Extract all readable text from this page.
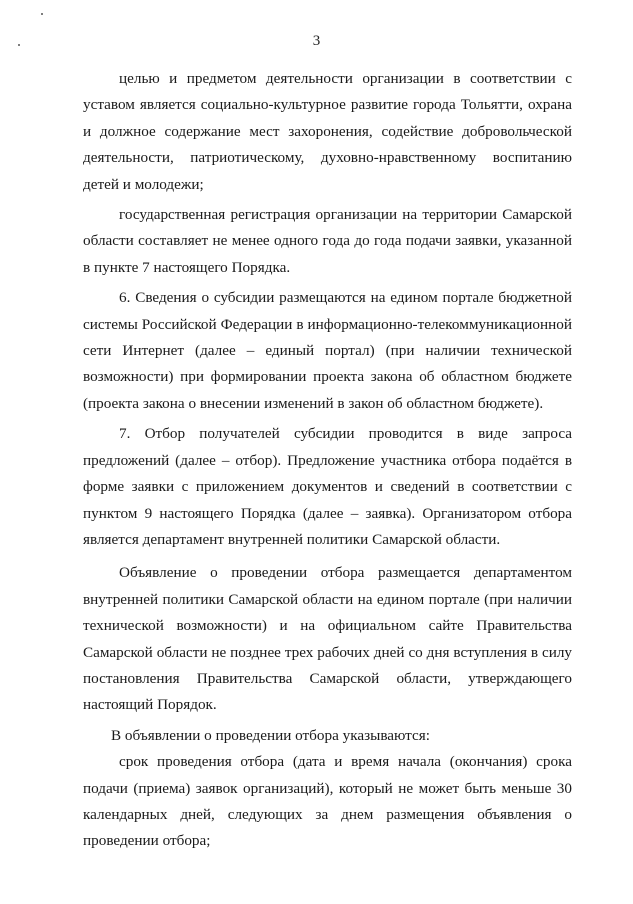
3

целью и предметом деятельности организации в соответствии с уставом является социально-культурное развитие города Тольятти, охрана и должное содержание мест захоронения, содействие добровольческой деятельности, патриотическому, духовно-нравственному воспитанию детей и молодежи;

государственная регистрация организации на территории Самарской области составляет не менее одного года до года подачи заявки, указанной в пункте 7 настоящего Порядка.

6. Сведения о субсидии размещаются на едином портале бюджетной системы Российской Федерации в информационно-телекоммуникационной сети Интернет (далее – единый портал) (при наличии технической возможности) при формировании проекта закона об областном бюджете (проекта закона о внесении изменений в закон об областном бюджете).

7. Отбор получателей субсидии проводится в виде запроса предложений (далее – отбор). Предложение участника отбора подаётся в форме заявки с приложением документов и сведений в соответствии с пунктом 9 настоящего Порядка (далее – заявка). Организатором отбора является департамент внутренней политики Самарской области.

Объявление о проведении отбора размещается департаментом внутренней политики Самарской области на едином портале (при наличии технической возможности) и на официальном сайте Правительства Самарской области не позднее трех рабочих дней со дня вступления в силу постановления Правительства Самарской области, утверждающего настоящий Порядок.

В объявлении о проведении отбора указываются:

срок проведения отбора (дата и время начала (окончания) срока подачи (приема) заявок организаций), который не может быть меньше 30 календарных дней, следующих за днем размещения объявления о проведении отбора;
